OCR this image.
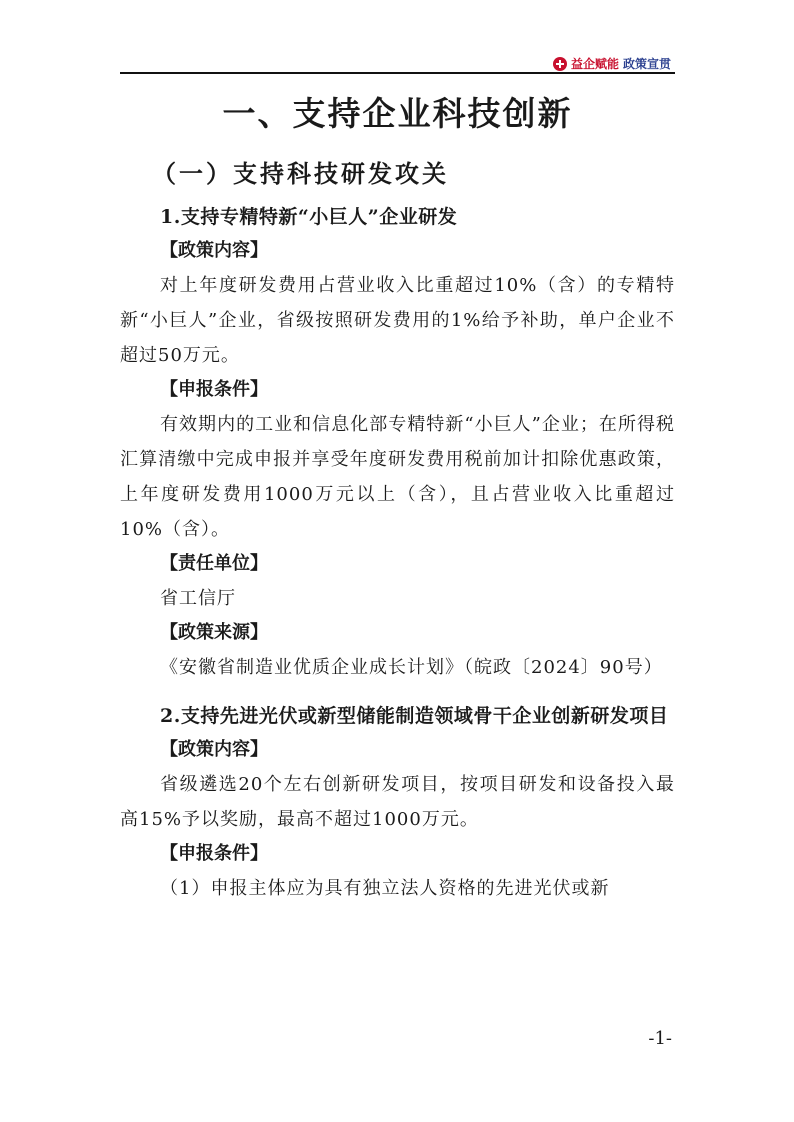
益企赋能 政策宣贯
一、支持企业科技创新
（一）支持科技研发攻关
1.支持专精特新“小巨人”企业研发
【政策内容】

对上年度研发费用占营业收入比重超过10%（含）的专精特新“小巨人”企业，省级按照研发费用的1%给予补助，单户企业不超过50万元。

【申报条件】

有效期内的工业和信息化部专精特新“小巨人”企业；在所得税汇算清缴中完成申报并享受年度研发费用税前加计扣除优惠政策，上年度研发费用1000万元以上（含），且占营业收入比重超过10%（含）。

【责任单位】

省工信厅

【政策来源】

《安徽省制造业优质企业成长计划》（皖政〔2024〕90号）

2.支持先进光伏或新型储能制造领域骨干企业创新研发项目
【政策内容】

省级遴选20个左右创新研发项目，按项目研发和设备投入最高15%予以奖励，最高不超过1000万元。

【申报条件】

（1）申报主体应为具有独立法人资格的先进光伏或新

-1-
